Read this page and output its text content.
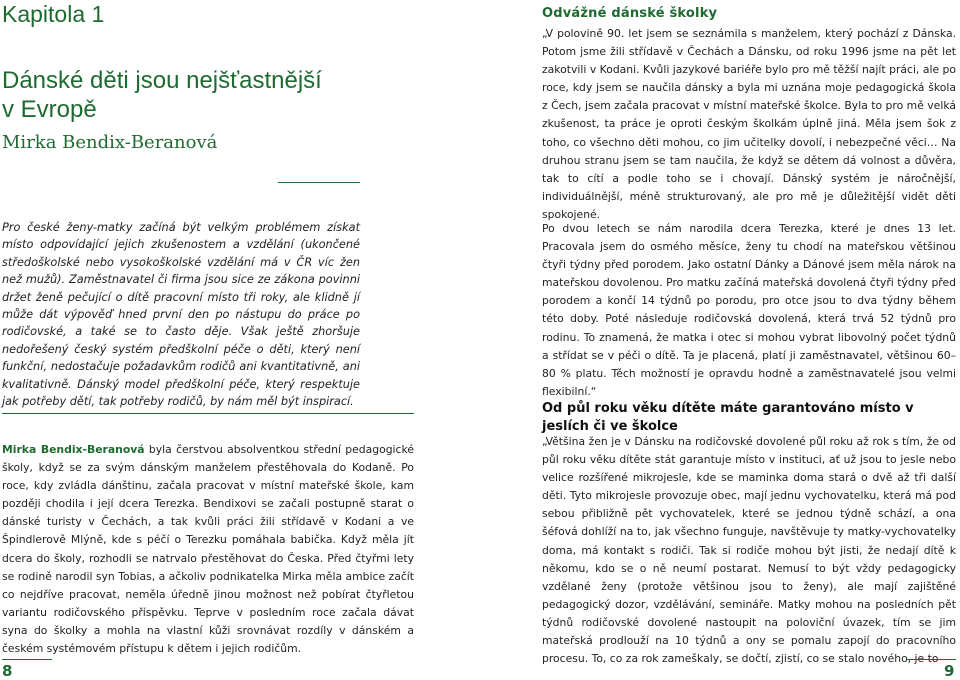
Kapitola 1
Dánské děti jsou nejšťastnější
v Evropě
Mirka Bendix-Beranová
Pro české ženy-matky začíná být velkým problémem získat místo odpovídající jejich zkušenostem a vzdělání (ukončené středoškolské nebo vysokoškolské vzdělání má v ČR víc žen než mužů). Zaměstnavatel či firma jsou sice ze zákona povinni držet ženě pečující o dítě pracovní místo tři roky, ale klidně jí může dát výpověď hned první den po nástupu do práce po rodičovské, a také se to často děje. Však ještě zhoršuje nedořešený český systém předškolní péče o děti, který není funkční, nedostačuje požadavkům rodičů ani kvantitativně, ani kvalitativně. Dánský model předškolní péče, který respektuje jak potřeby dětí, tak potřeby rodičů, by nám měl být inspirací.
Mirka Bendix-Beranová byla čerstvou absolventkou střední pedagogické školy, když se za svým dánským manželem přestěhovala do Kodaně. Po roce, kdy zvládla dánštinu, začala pracovat v místní mateřské škole, kam později chodila i její dcera Terezka. Bendixovi se začali postupně starat o dánské turisty v Čechách, a tak kvůli práci žili střídavě v Kodani a ve Špindlerově Mlýně, kde s péčí o Terezku pomáhala babička. Když měla jít dcera do školy, rozhodli se natrvalo přestěhovat do Česka. Před čtyřmi lety se rodině narodil syn Tobias, a ačkoliv podnikatelka Mirka měla ambice začít co nejdříve pracovat, neměla úředně jinou možnost než pobírat čtyřletou variantu rodičovského příspěvku. Teprve v posledním roce začala dávat syna do školky a mohla na vlastní kůži srovnávat rozdíly v dánském a českém systémovém přístupu k dětem i jejich rodičům.
8
Odvážné dánské školky

„V polovině 90. let jsem se seznámila s manželem, který pochází z Dánska. Potom jsme žili střídavě v Čechách a Dánsku, od roku 1996 jsme na pět let zakotvili v Kodani. Kvůli jazykové bariéře bylo pro mě těžší najít práci, ale po roce, kdy jsem se naučila dánsky a byla mi uznána moje pedagogická škola z Čech, jsem začala pracovat v místní mateřské školce. Byla to pro mě velká zkušenost, ta práce je oproti českým školkám úplně jiná. Měla jsem šok z toho, co všechno děti mohou, co jim učitelky dovolí, i nebezpečné věci… Na druhou stranu jsem se tam naučila, že když se dětem dá volnost a důvěra, tak to cítí a podle toho se i chovají. Dánský systém je náročnější, individuálnější, méně strukturovaný, ale pro mě je důležitější vidět děti spokojené.

Po dvou letech se nám narodila dcera Terezka, které je dnes 13 let. Pracovala jsem do osmého měsíce, ženy tu chodí na mateřskou většinou čtyři týdny před porodem. Jako ostatní Dánky a Dánové jsem měla nárok na mateřskou dovolenou. Pro matku začíná mateřská dovolená čtyři týdny před porodem a končí 14 týdnů po porodu, pro otce jsou to dva týdny během této doby. Poté následuje rodičovská dovolená, která trvá 52 týdnů pro rodinu. To znamená, že matka i otec si mohou vybrat libovolný počet týdnů a střídat se v péči o dítě. Ta je placená, platí ji zaměstnavatel, většinou 60–80 % platu. Těch možností je opravdu hodně a zaměstnavatelé jsou velmi flexibilní.“

Od půl roku věku dítěte máte garantováno místo v jeslích či ve školce

„Většina žen je v Dánsku na rodičovské dovolené půl roku až rok s tím, že od půl roku věku dítěte stát garantuje místo v instituci, ať už jsou to jesle nebo velice rozšířené mikrojesle, kde se maminka doma stará o dvě až tři další děti. Tyto mikrojesle provozuje obec, mají jednu vychovatelku, která má pod sebou přibližně pět vychovatelek, které se jednou týdně schází, a ona šéfová dohlíží na to, jak všechno funguje, navštěvuje ty matky-vychovatelky doma, má kontakt s rodiči. Tak si rodiče mohou být jisti, že nedají dítě k někomu, kdo se o ně neumí postarat. Nemusí to být vždy pedagogicky vzdělané ženy (protože většinou jsou to ženy), ale mají zajištěné pedagogický dozor, vzdělávání, semináře. Matky mohou na posledních pět týdnů rodičovské dovolené nastoupit na poloviční úvazek, tím se jim mateřská prodlouží na 10 týdnů a ony se pomalu zapojí do pracovního procesu. To, co za rok zameškaly, se dočtí, zjistí, co se stalo nového, je to

9
